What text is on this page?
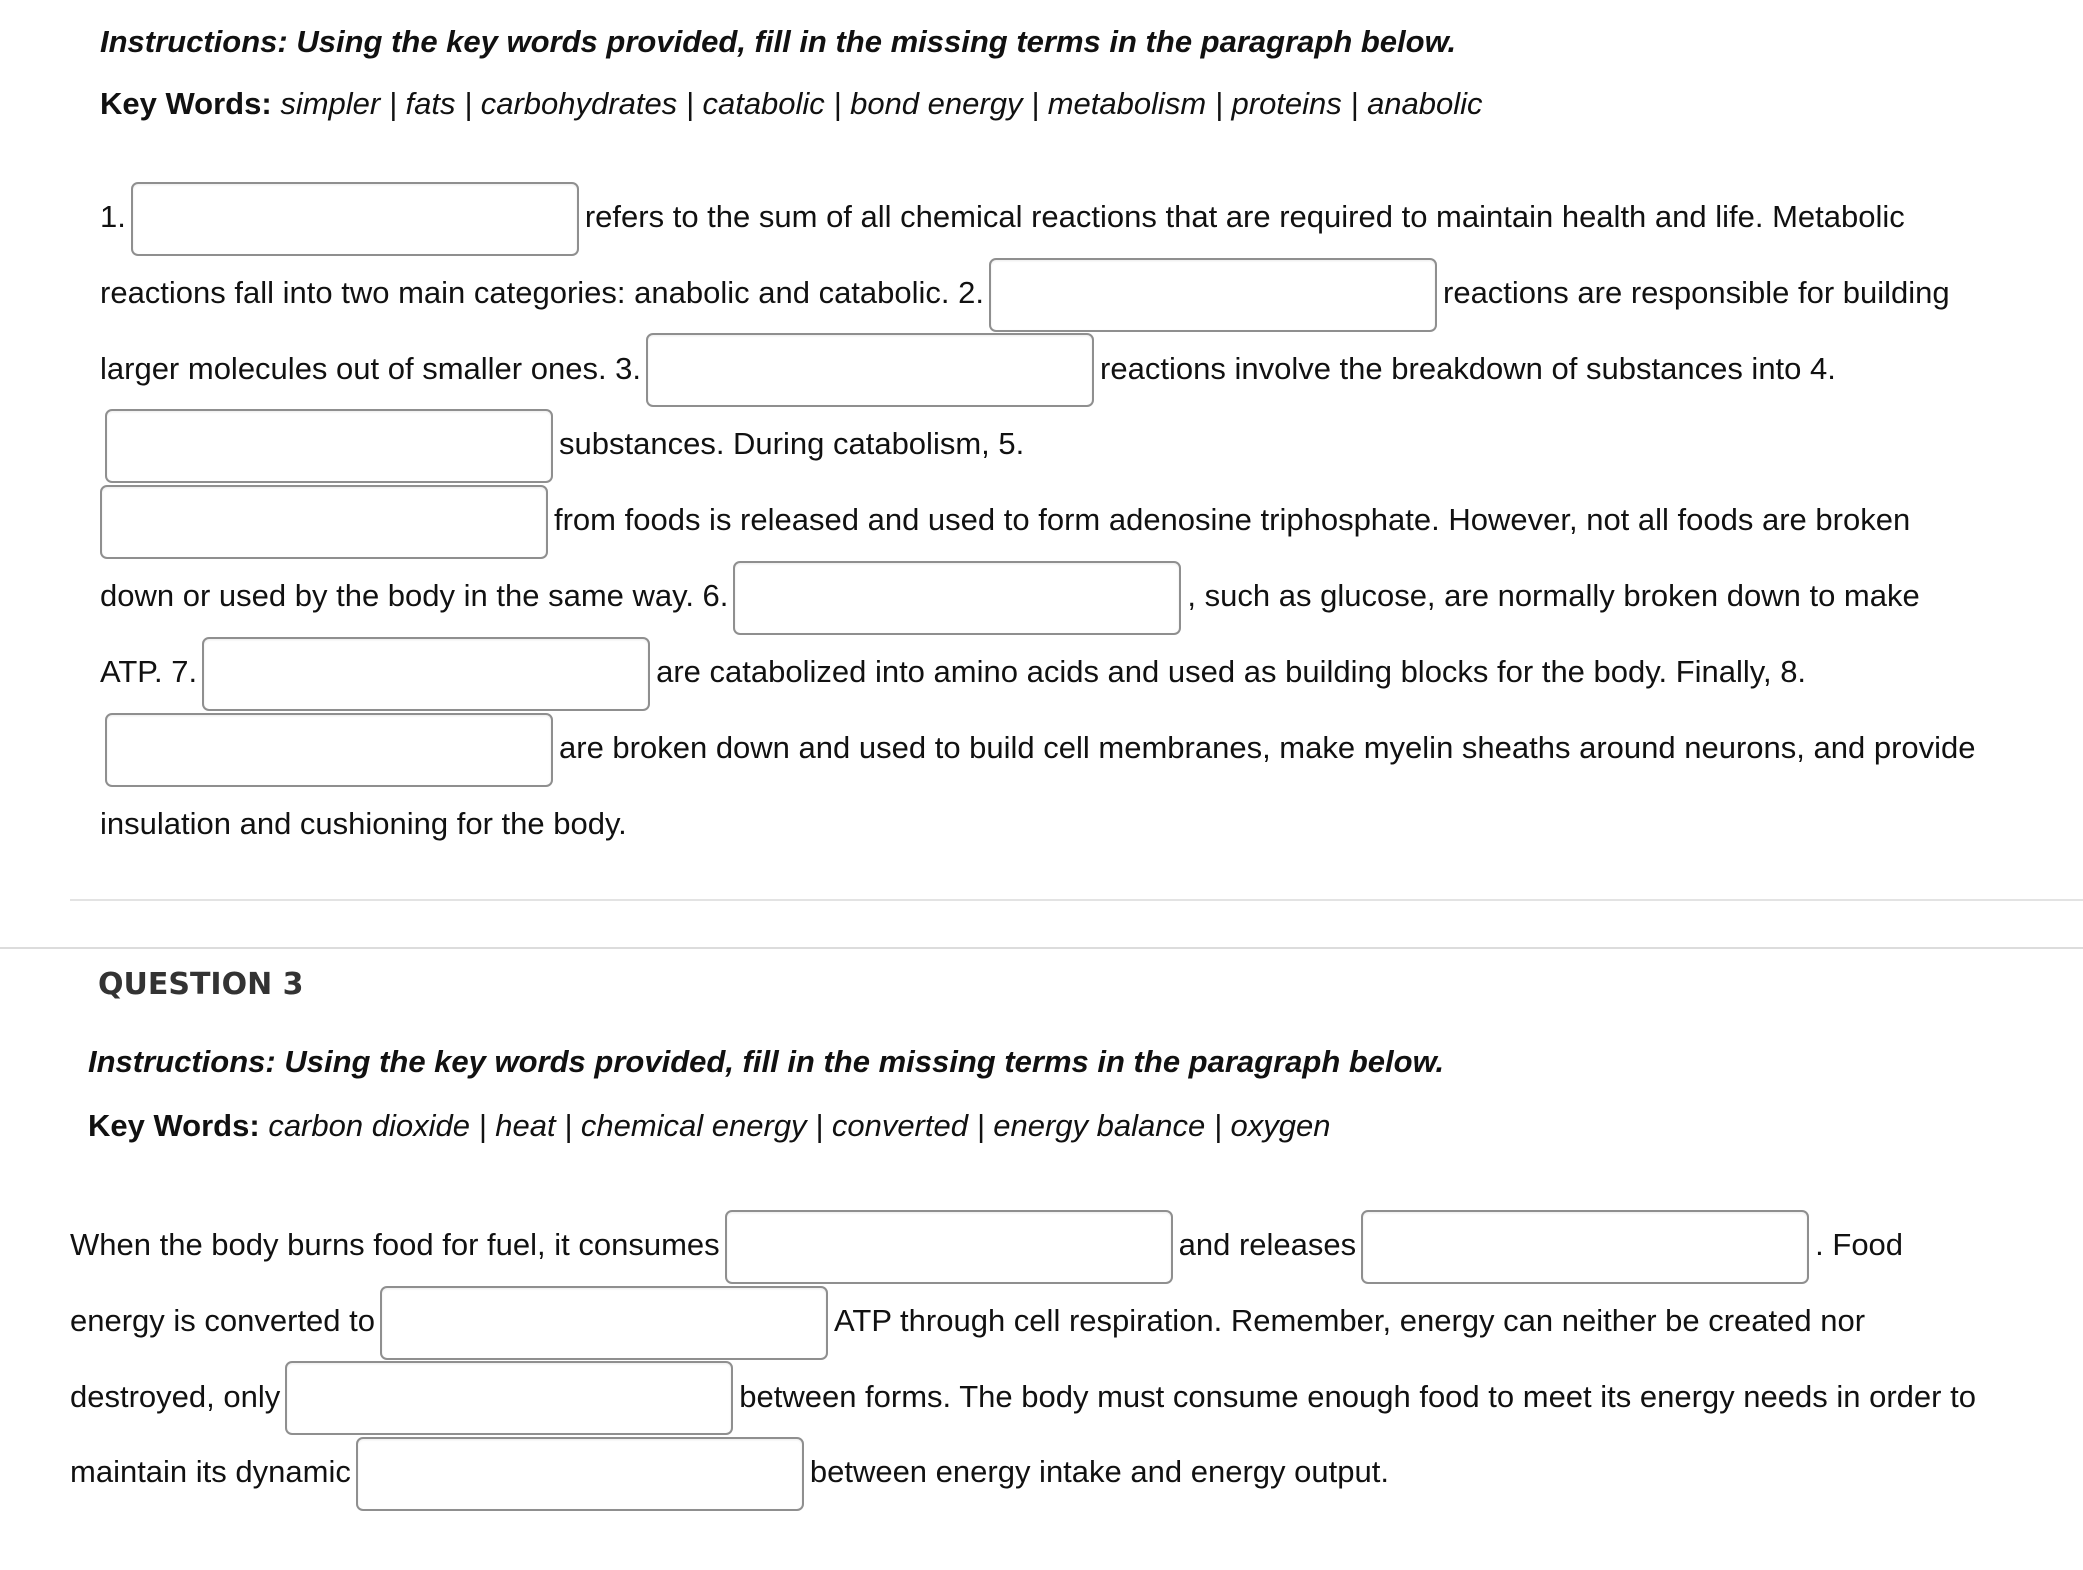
Instructions: Using the key words provided, fill in the missing terms in the paragraph below.

Key Words: simpler | fats | carbohydrates | catabolic | bond energy | metabolism | proteins | anabolic

1.	refers to the sum of all chemical reactions that are required to maintain health and life. Metabolic reactions fall into two main categories: anabolic and catabolic. 2.	reactions are responsible for building larger molecules out of smaller ones. 3.	reactions involve the breakdown of substances into 4.substances. During catabolism, 5.
from foods is released and used to form adenosine triphosphate. However, not all foods are broken down or used by the body in the same way. 6.	, such as glucose, are normally broken down to make ATP. 7.	are catabolized into amino acids and used as building blocks for the body. Finally, 8.are broken down and used to build cell membranes, make myelin sheaths around neurons, and provide insulation and cushioning for the body.

QUESTION 3

Instructions: Using the key words provided, fill in the missing terms in the paragraph below.

Key Words: carbon dioxide | heat | chemical energy | converted | energy balance | oxygen

When the body burns food for fuel, it consumes	and releases	. Food energy is converted to	ATP through cell respiration. Remember, energy can neither be created nor destroyed, only	between forms. The body must consume enough food to meet its energy needs in order to maintain its dynamic	between energy intake and energy output.
